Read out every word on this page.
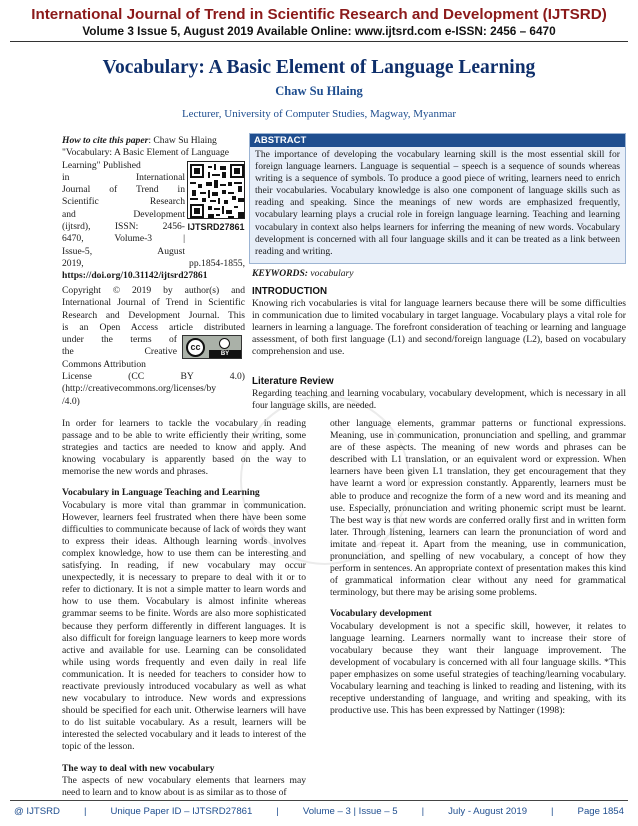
International Journal of Trend in Scientific Research and Development (IJTSRD)
Volume 3 Issue 5, August 2019 Available Online: www.ijtsrd.com e-ISSN: 2456 – 6470
Vocabulary: A Basic Element of Language Learning
Chaw Su Hlaing
Lecturer, University of Computer Studies, Magway, Myanmar
How to cite this paper: Chaw Su Hlaing
"Vocabulary: A Basic Element of Language
Learning" Published
in International
Journal of Trend in
Scientific Research
and Development
(ijtsrd), ISSN: 2456-
6470, Volume-3 |
Issue-5, August
2019,	pp.1854-1855,
https://doi.org/10.31142/ijtsrd27861
IJTSRD27861
Copyright © 2019 by author(s) and
International Journal of Trend in Scientific
Research and Development Journal. This
is an Open Access article distributed
under the terms of
the Creative
Commons Attribution
License (CC BY 4.0)
(http://creativecommons.org/licenses/by
/4.0)
cc
BY
ABSTRACT
The importance of developing the vocabulary learning skill is the most essential skill for foreign language learners. Language is sequential – speech is a sequence of sounds whereas writing is a sequence of symbols. To produce a good piece of writing, learners need to enrich their vocabularies. Vocabulary knowledge is also one component of language skills such as reading and speaking. Since the meanings of new words are emphasized frequently, vocabulary learning plays a crucial role in foreign language learning. Teaching and learning vocabulary in context also helps learners for inferring the meaning of new words. Vocabulary development is concerned with all four language skills and it can be treated as a link between reading and writing.
KEYWORDS: vocabulary
INTRODUCTION
Knowing rich vocabularies is vital for language learners because there will be some difficulties in communication due to limited vocabulary in target language. Vocabulary plays a vital role for learners in learning a language. The forefront consideration of teaching or learning and language assessment, of both first language (L1) and second/foreign language (L2), based on vocabulary comprehension and use.
Literature Review
Regarding teaching and learning vocabulary, vocabulary development, which is necessary in all four language skills, are needed.

In order for learners to tackle the vocabulary in reading passage and to be able to write efficiently their writing, some strategies and tactics are needed to know and apply. And knowing vocabulary is apparently based on the way to memorise the new words and phrases.

Vocabulary in Language Teaching and Learning

Vocabulary is more vital than grammar in communication. However, learners feel frustrated when there have been some difficulties to communicate because of lack of words they want to express their ideas. Although learning words involves complex knowledge, how to use them can be interesting and satisfying. In reading, if new vocabulary may occur unexpectedly, it is necessary to prepare to deal with it or to refer to dictionary. It is not a simple matter to learn words and how to use them. Vocabulary is almost infinite whereas grammar seems to be finite. Words are also more sophisticated because they perform differently in different languages. It is also difficult for foreign language learners to keep more words active and available for use. Learning can be consolidated while using words frequently and even daily in real life communication. It is needed for teachers to consider how to reactivate previously introduced vocabulary as well as what new vocabulary to introduce. New words and expressions should be specified for each unit. Otherwise learners will have to do list suitable vocabulary. As a result, learners will be interested the selected vocabulary and it leads to interest of the topic of the lesson.

The way to deal with new vocabulary

The aspects of new vocabulary elements that learners may need to learn and to know about is as similar as to those of

other language elements, grammar patterns or functional expressions. Meaning, use in communication, pronunciation and spelling, and grammar are of these aspects. The meaning of new words and phrases can be described with L1 translation, or an equivalent word or expression. When learners have been given L1 translation, they get encouragement that they have learnt a word or expression constantly. Apparently, learners must be able to produce and recognize the form of a new word and its meaning and use. Especially, pronunciation and writing phonemic script must be learnt. The best way is that new words are conferred orally first and in written form later. Through listening, learners can learn the pronunciation of word and imitate and repeat it. Apart from the meaning, use in communication, pronunciation, and spelling of new vocabulary, a concept of how they perform in sentences. An appropriate context of presentation makes this kind of grammatical information clear without any need for grammatical terminology, but there may be arising some problems.

Vocabulary development

Vocabulary development is not a specific skill, however, it relates to language learning. Learners normally want to increase their store of vocabulary because they want their language improvement. The development of vocabulary is concerned with all four language skills. *This paper emphasizes on some useful strategies of teaching/learning vocabulary. Vocabulary learning and teaching is linked to reading and listening, with its receptive understanding of language, and writing and speaking, with its productive use. This has been expressed by Nattinger (1998):

@ IJTSRD	|	Unique Paper ID – IJTSRD27861	|	Volume – 3 | Issue – 5	|	July - August 2019	|	Page 1854
